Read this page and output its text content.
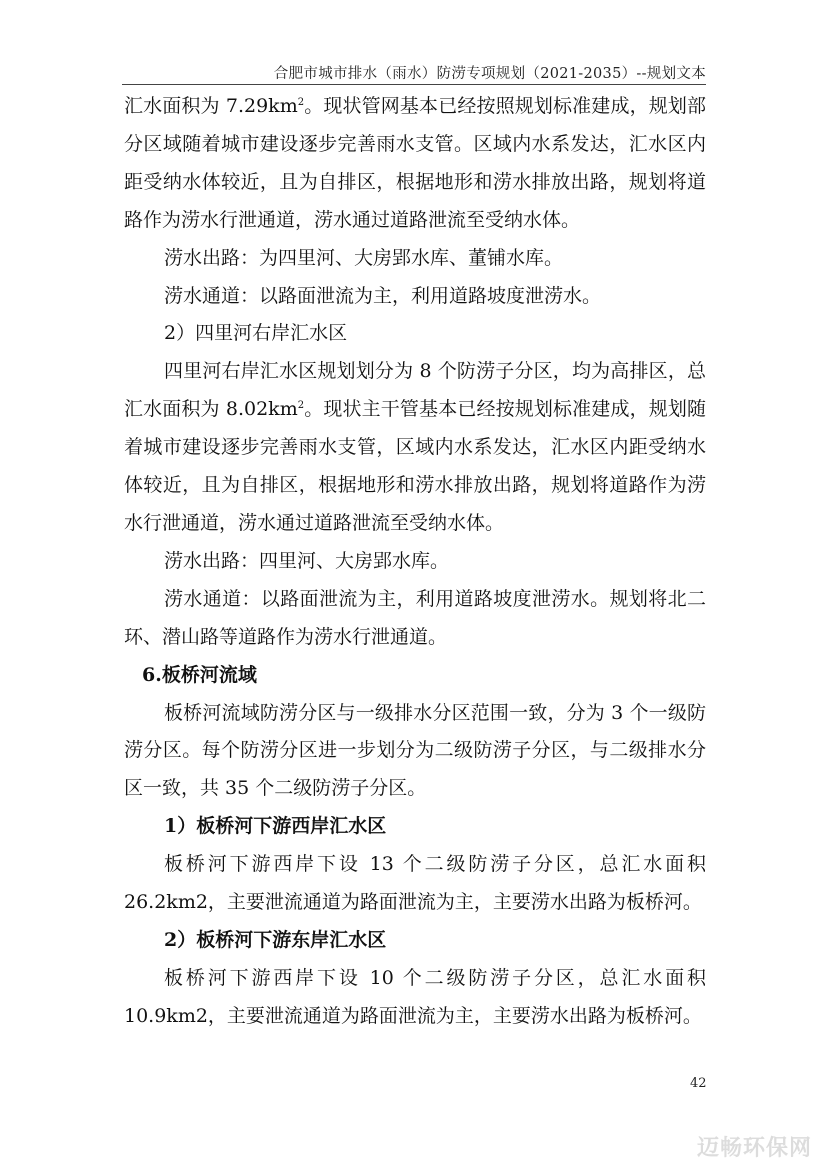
合肥市城市排水（雨水）防涝专项规划（2021-2035）--规划文本

汇水面积为 $7.29km^2$。现状管网基本已经按照规划标准建成，规划部分区域随着城市建设逐步完善雨水支管。区域内水系发达，汇水区内距受纳水体较近，且为自排区，根据地形和涝水排放出路，规划将道路作为涝水行泄通道，涝水通过道路泄流至受纳水体。

涝水出路：为四里河、大房郢水库、董铺水库。

涝水通道：以路面泄流为主，利用道路坡度泄涝水。

2）四里河右岸汇水区

四里河右岸汇水区规划划分为 8 个防涝子分区，均为高排区，总汇水面积为 $8.02km^2$。现状主干管基本已经按规划标准建成，规划随着城市建设逐步完善雨水支管，区域内水系发达，汇水区内距受纳水体较近，且为自排区，根据地形和涝水排放出路，规划将道路作为涝水行泄通道，涝水通过道路泄流至受纳水体。

涝水出路：四里河、大房郢水库。

涝水通道：以路面泄流为主，利用道路坡度泄涝水。规划将北二环、潜山路等道路作为涝水行泄通道。

6.板桥河流域

板桥河流域防涝分区与一级排水分区范围一致，分为 3 个一级防涝分区。每个防涝分区进一步划分为二级防涝子分区，与二级排水分区一致，共 35 个二级防涝子分区。

1）板桥河下游西岸汇水区

板桥河下游西岸下设 13 个二级防涝子分区，总汇水面积

26.2km2，主要泄流通道为路面泄流为主，主要涝水出路为板桥河。

2）板桥河下游东岸汇水区

板桥河下游西岸下设 10 个二级防涝子分区，总汇水面积

10.9km2，主要泄流通道为路面泄流为主，主要涝水出路为板桥河。

42
迈畅环保网
